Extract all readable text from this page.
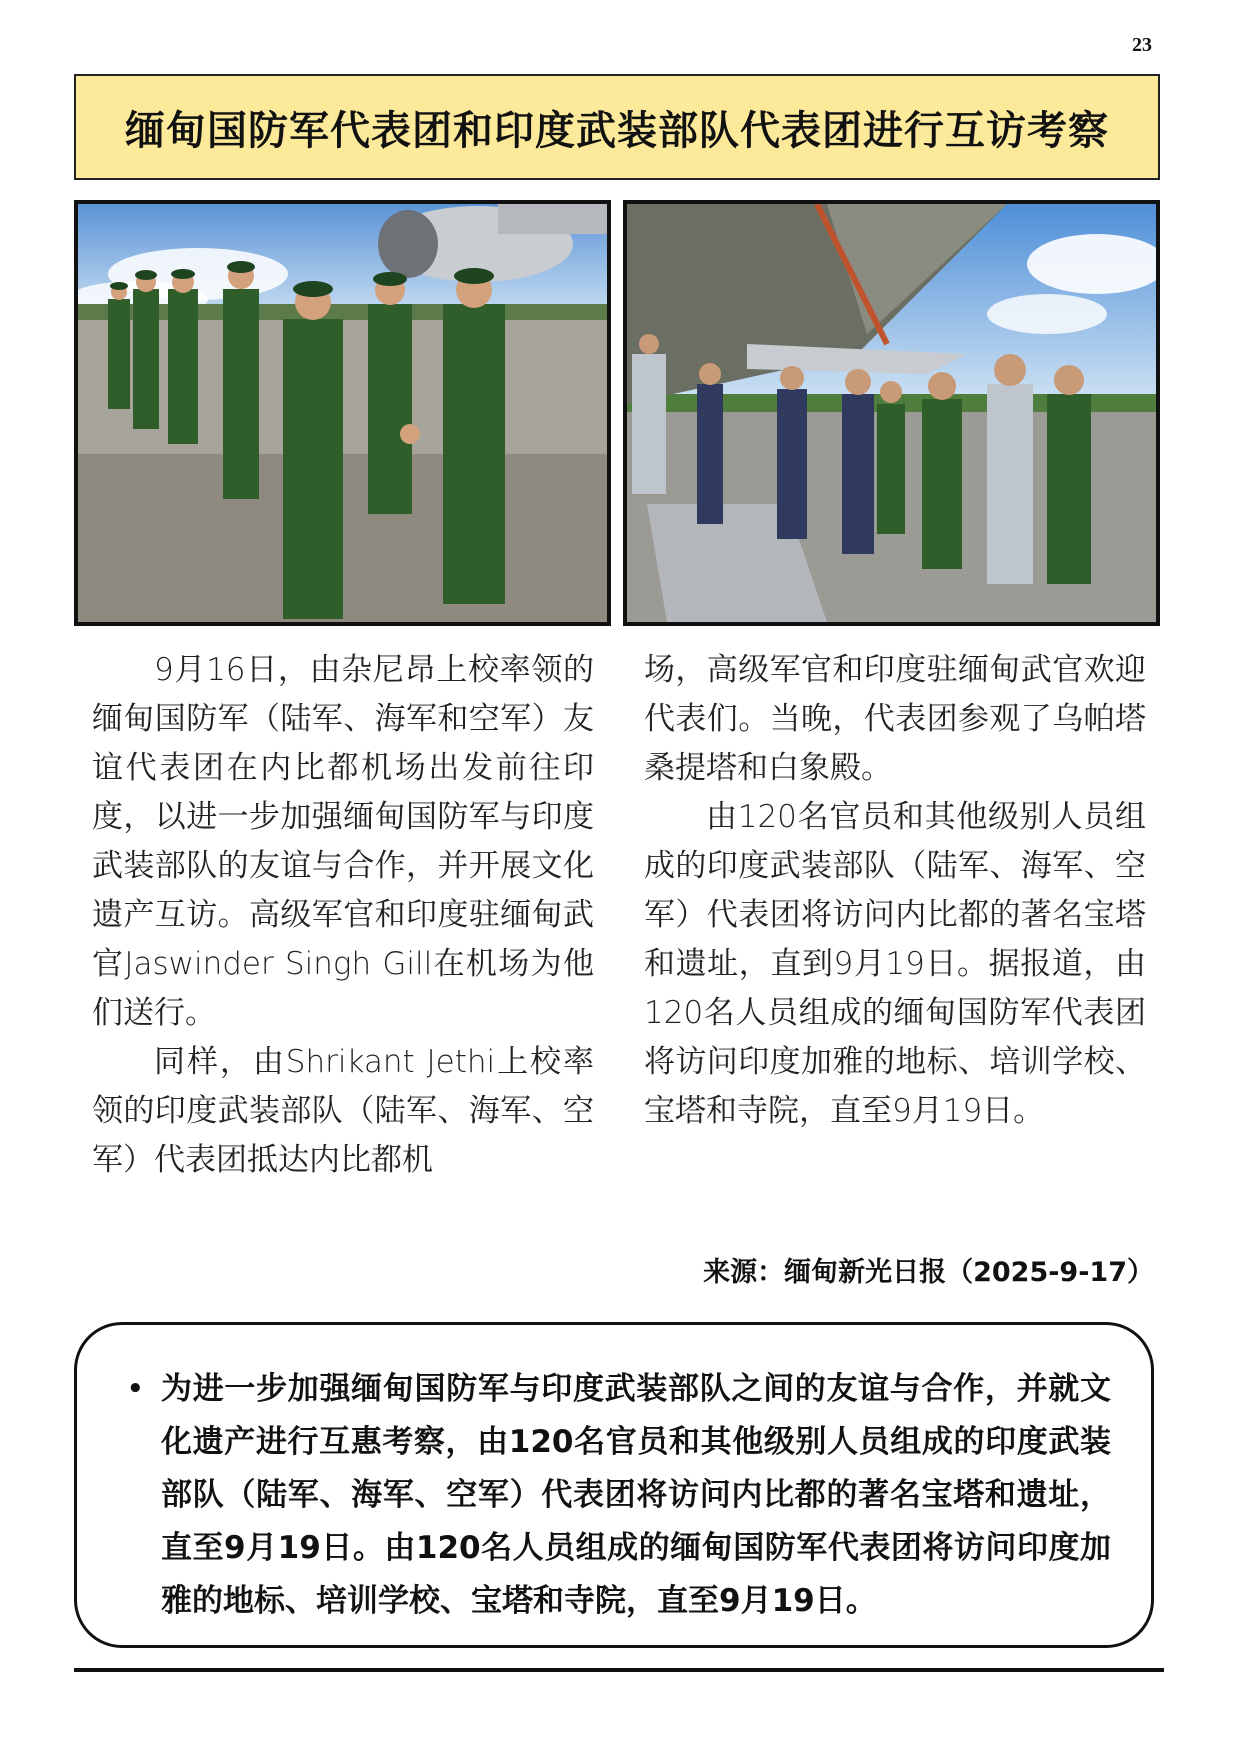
23
缅甸国防军代表团和印度武装部队代表团进行互访考察

9月16日，由杂尼昂上校率领的缅甸国防军（陆军、海军和空军）友谊代表团在内比都机场出发前往印度，以进一步加强缅甸国防军与印度武装部队的友谊与合作，并开展文化遗产互访。高级军官和印度驻缅甸武官Jaswinder Singh Gill在机场为他们送行。

同样，由Shrikant Jethi上校率领的印度武装部队（陆军、海军、空军）代表团抵达内比都机

场，高级军官和印度驻缅甸武官欢迎代表们。当晚，代表团参观了乌帕塔桑提塔和白象殿。

由120名官员和其他级别人员组成的印度武装部队（陆军、海军、空军）代表团将访问内比都的著名宝塔和遗址，直到9月19日。据报道，由120名人员组成的缅甸国防军代表团将访问印度加雅的地标、培训学校、宝塔和寺院，直至9月19日。

来源：缅甸新光日报（2025-9-17）
• 为进一步加强缅甸国防军与印度武装部队之间的友谊与合作，并就文化遗产进行互惠考察，由120名官员和其他级别人员组成的印度武装部队（陆军、海军、空军）代表团将访问内比都的著名宝塔和遗址，直至9月19日。由120名人员组成的缅甸国防军代表团将访问印度加雅的地标、培训学校、宝塔和寺院，直至9月19日。
